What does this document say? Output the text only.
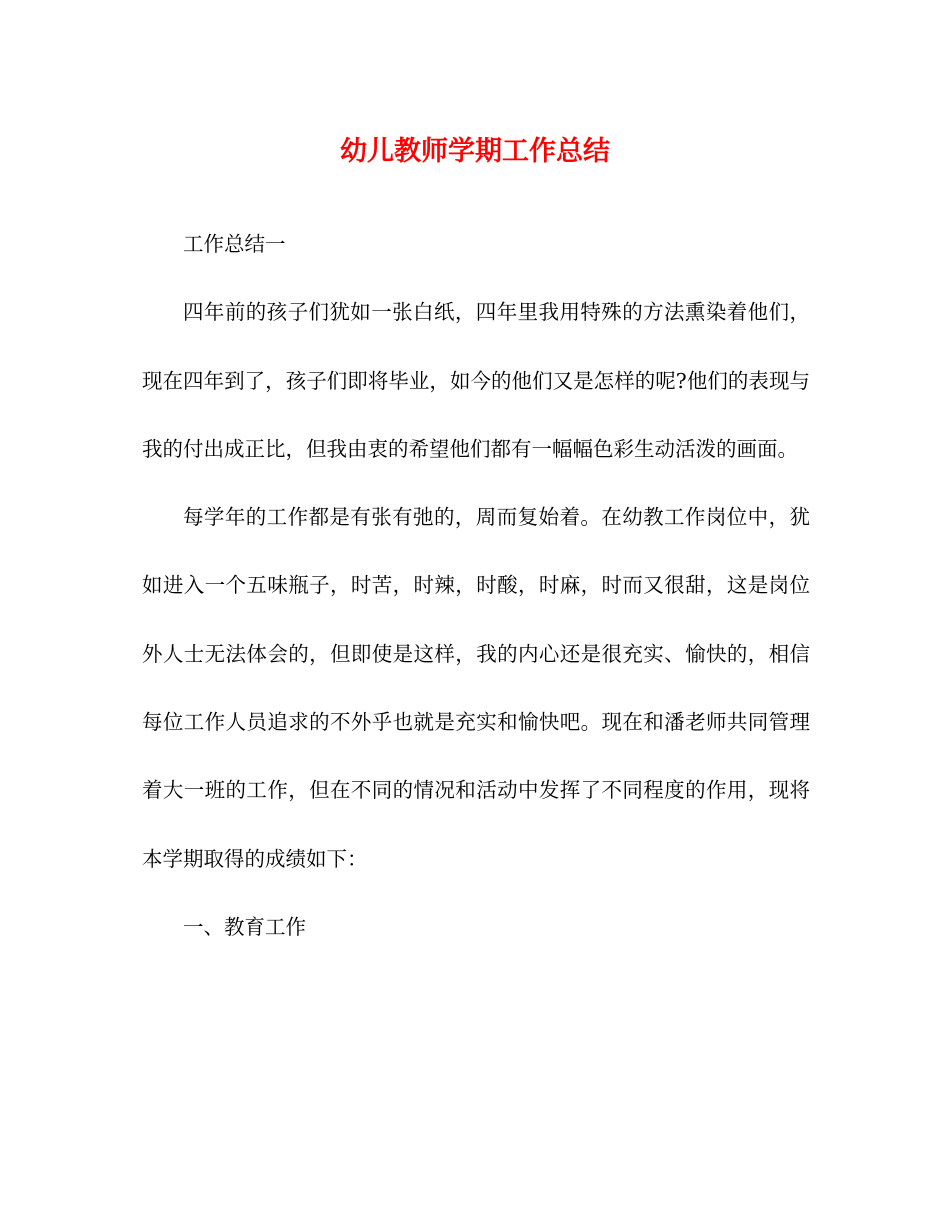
幼儿教师学期工作总结

工作总结一

四年前的孩子们犹如一张白纸，四年里我用特殊的方法熏染着他们，现在四年到了，孩子们即将毕业，如今的他们又是怎样的呢?他们的表现与我的付出成正比，但我由衷的希望他们都有一幅幅色彩生动活泼的画面。

每学年的工作都是有张有弛的，周而复始着。在幼教工作岗位中，犹如进入一个五味瓶子，时苦，时辣，时酸，时麻，时而又很甜，这是岗位外人士无法体会的，但即使是这样，我的内心还是很充实、愉快的，相信每位工作人员追求的不外乎也就是充实和愉快吧。现在和潘老师共同管理着大一班的工作，但在不同的情况和活动中发挥了不同程度的作用，现将本学期取得的成绩如下：

一、教育工作
